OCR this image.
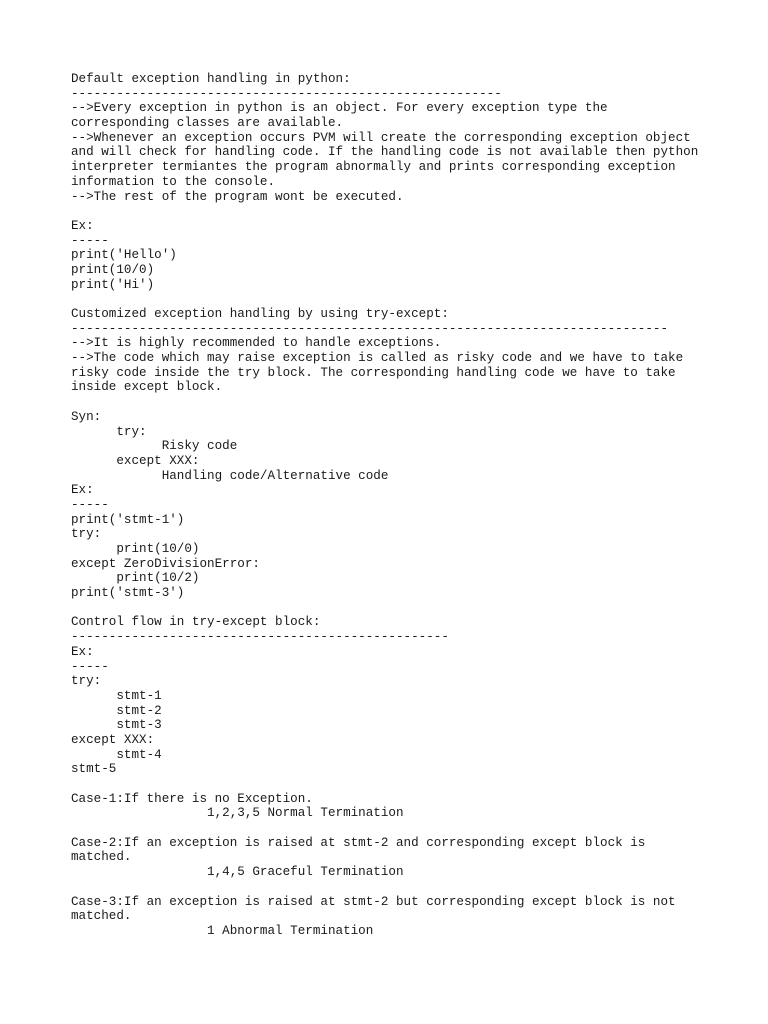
Default exception handling in python:
---------------------------------------------------------
-->Every exception in python is an object. For every exception type the
corresponding classes are available.
-->Whenever an exception occurs PVM will create the corresponding exception object
and will check for handling code. If the handling code is not available then python
interpreter termiantes the program abnormally and prints corresponding exception
information to the console.
-->The rest of the program wont be executed.
Ex:
-----
print('Hello')
print(10/0)
print('Hi')
Customized exception handling by using try-except:
-------------------------------------------------------------------------------
-->It is highly recommended to handle exceptions.
-->The code which may raise exception is called as risky code and we have to take
risky code inside the try block. The corresponding handling code we have to take
inside except block.
Syn:
try:
Risky code
except XXX:
Handling code/Alternative code
Ex:
-----
print('stmt-1')
try:
print(10/0)
except ZeroDivisionError:
print(10/2)
print('stmt-3')
Control flow in try-except block:
--------------------------------------------------
Ex:
-----
try:
stmt-1
stmt-2
stmt-3
except XXX:
stmt-4
stmt-5
Case-1:If there is no Exception.
1,2,3,5 Normal Termination
Case-2:If an exception is raised at stmt-2 and corresponding except block is
matched.
1,4,5 Graceful Termination
Case-3:If an exception is raised at stmt-2 but corresponding except block is not
matched.
1 Abnormal Termination
